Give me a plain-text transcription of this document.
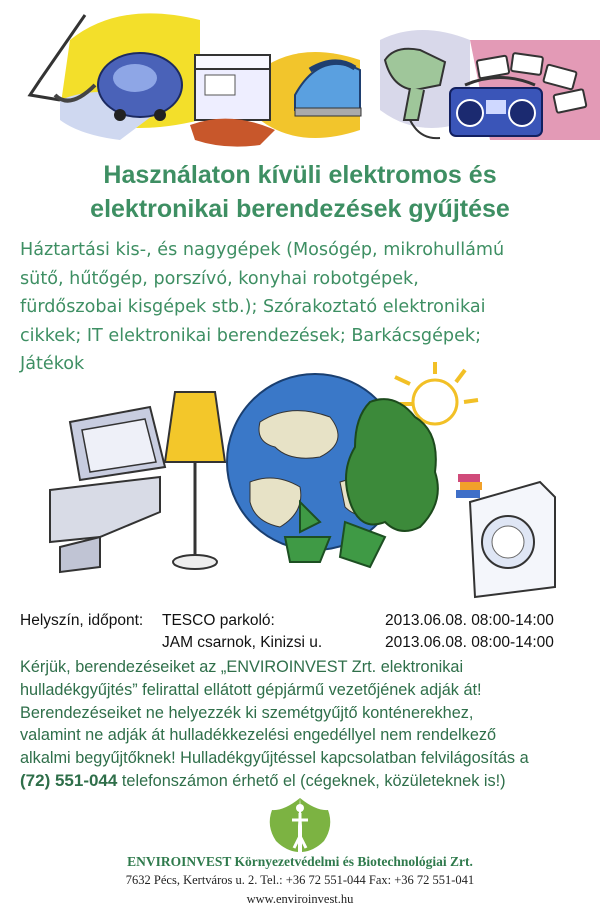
Használaton kívüli elektromos és
elektronikai berendezések gyűjtése
Háztartási kis-, és nagygépek (Mosógép, mikrohullámú
sütő, hűtőgép, porszívó, konyhai robotgépek,
fürdőszobai kisgépek stb.); Szórakoztató elektronikai
cikkek; IT elektronikai berendezések; Barkácsgépek;
Játékok
Helyszín, időpont: TESCO parkoló:	2013.06.08. 08:00-14:00
JAM csarnok, Kinizsi u.	2013.06.08. 08:00-14:00
Kérjük, berendezéseiket az „ENVIROINVEST Zrt. elektronikai
hulladékgyűjtés” felirattal ellátott gépjármű vezetőjének adják át!
Berendezéseiket ne helyezzék ki szemétgyűjtő konténerekhez,
valamint ne adják át hulladékkezelési engedéllyel nem rendelkező
alkalmi begyűjtőknek! Hulladékgyűjtéssel kapcsolatban felvilágosítás a
(72) 551-044 telefonszámon érhető el (cégeknek, közületeknek is!)
ENVIROINVEST Környezetvédelmi és Biotechnológiai Zrt.
7632 Pécs, Kertváros u. 2. Tel.: +36 72 551-044 Fax: +36 72 551-041
www.enviroinvest.hu
